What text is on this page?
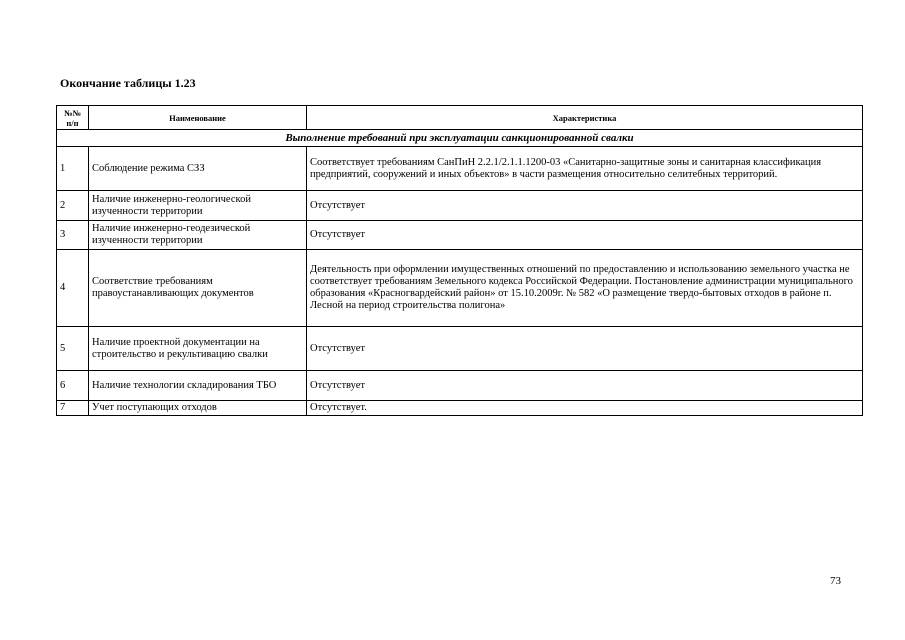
Окончание таблицы 1.23
№№
п/п	Наименование	Характеристика
Выполнение требований при эксплуатации санкционированной свалки		
1	Соблюдение режима СЗЗ	Соответствует требованиям СанПиН 2.2.1/2.1.1.1200-03 «Санитарно-защитные зоны и санитарная классификация предприятий, сооружений и иных объектов» в части размещения относительно селитебных территорий.
2	Наличие инженерно-геологической изученности территории	Отсутствует
3	Наличие инженерно-геодезической изученности территории	Отсутствует
4	Соответствие требованиям правоустанавливающих документов	Деятельность при оформлении имущественных отношений по предоставлению и использованию земельного участка не соответствует требованиям Земельного кодекса Российской Федерации. Постановление администрации муниципального образования «Красногвардейский район» от 15.10.2009г. № 582 «О размещение твердо-бытовых отходов в районе п. Лесной на период строительства полигона»
5	Наличие проектной документации на строительство и рекультивацию свалки	Отсутствует
6	Наличие технологии складирования ТБО	Отсутствует
7	Учет поступающих отходов	Отсутствует.
73
